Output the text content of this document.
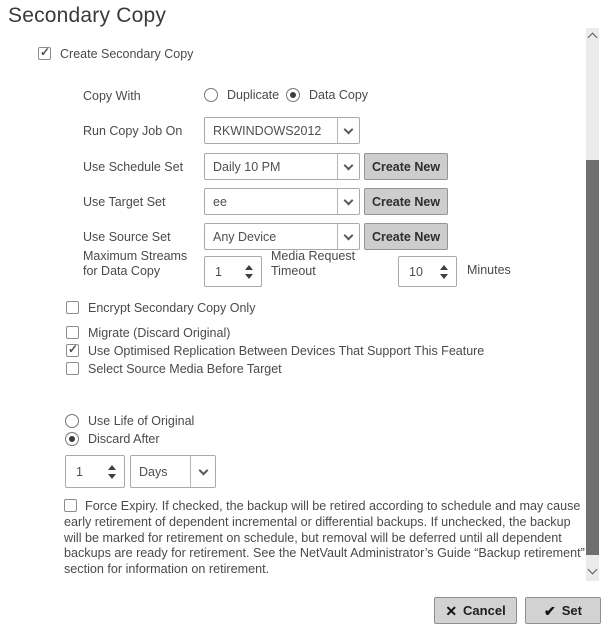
Secondary Copy
✓
Create Secondary Copy
Copy With	Duplicate Data Copy
Run Copy Job On	RKWINDOWS2012
Use Schedule Set	Daily 10 PM	Create New
Use Target Set	ee	Create New
Use Source Set	Any Device	Create New
Maximum Streams for Data Copy	1
Media Request Timeout	10	Minutes
Encrypt Secondary Copy Only
Migrate (Discard Original)
✓
Use Optimised Replication Between Devices That Support This Feature
Select Source Media Before Target
Use Life of Original
Discard After
1	Days
Force Expiry. If checked, the backup will be retired according to schedule and may cause early retirement of dependent incremental or differential backups. If unchecked, the backup will be marked for retirement on schedule, but removal will be deferred until all dependent backups are ready for retirement. See the NetVault Administrator’s Guide “Backup retirement” section for information on retirement.
✕ Cancel	✔ Set
